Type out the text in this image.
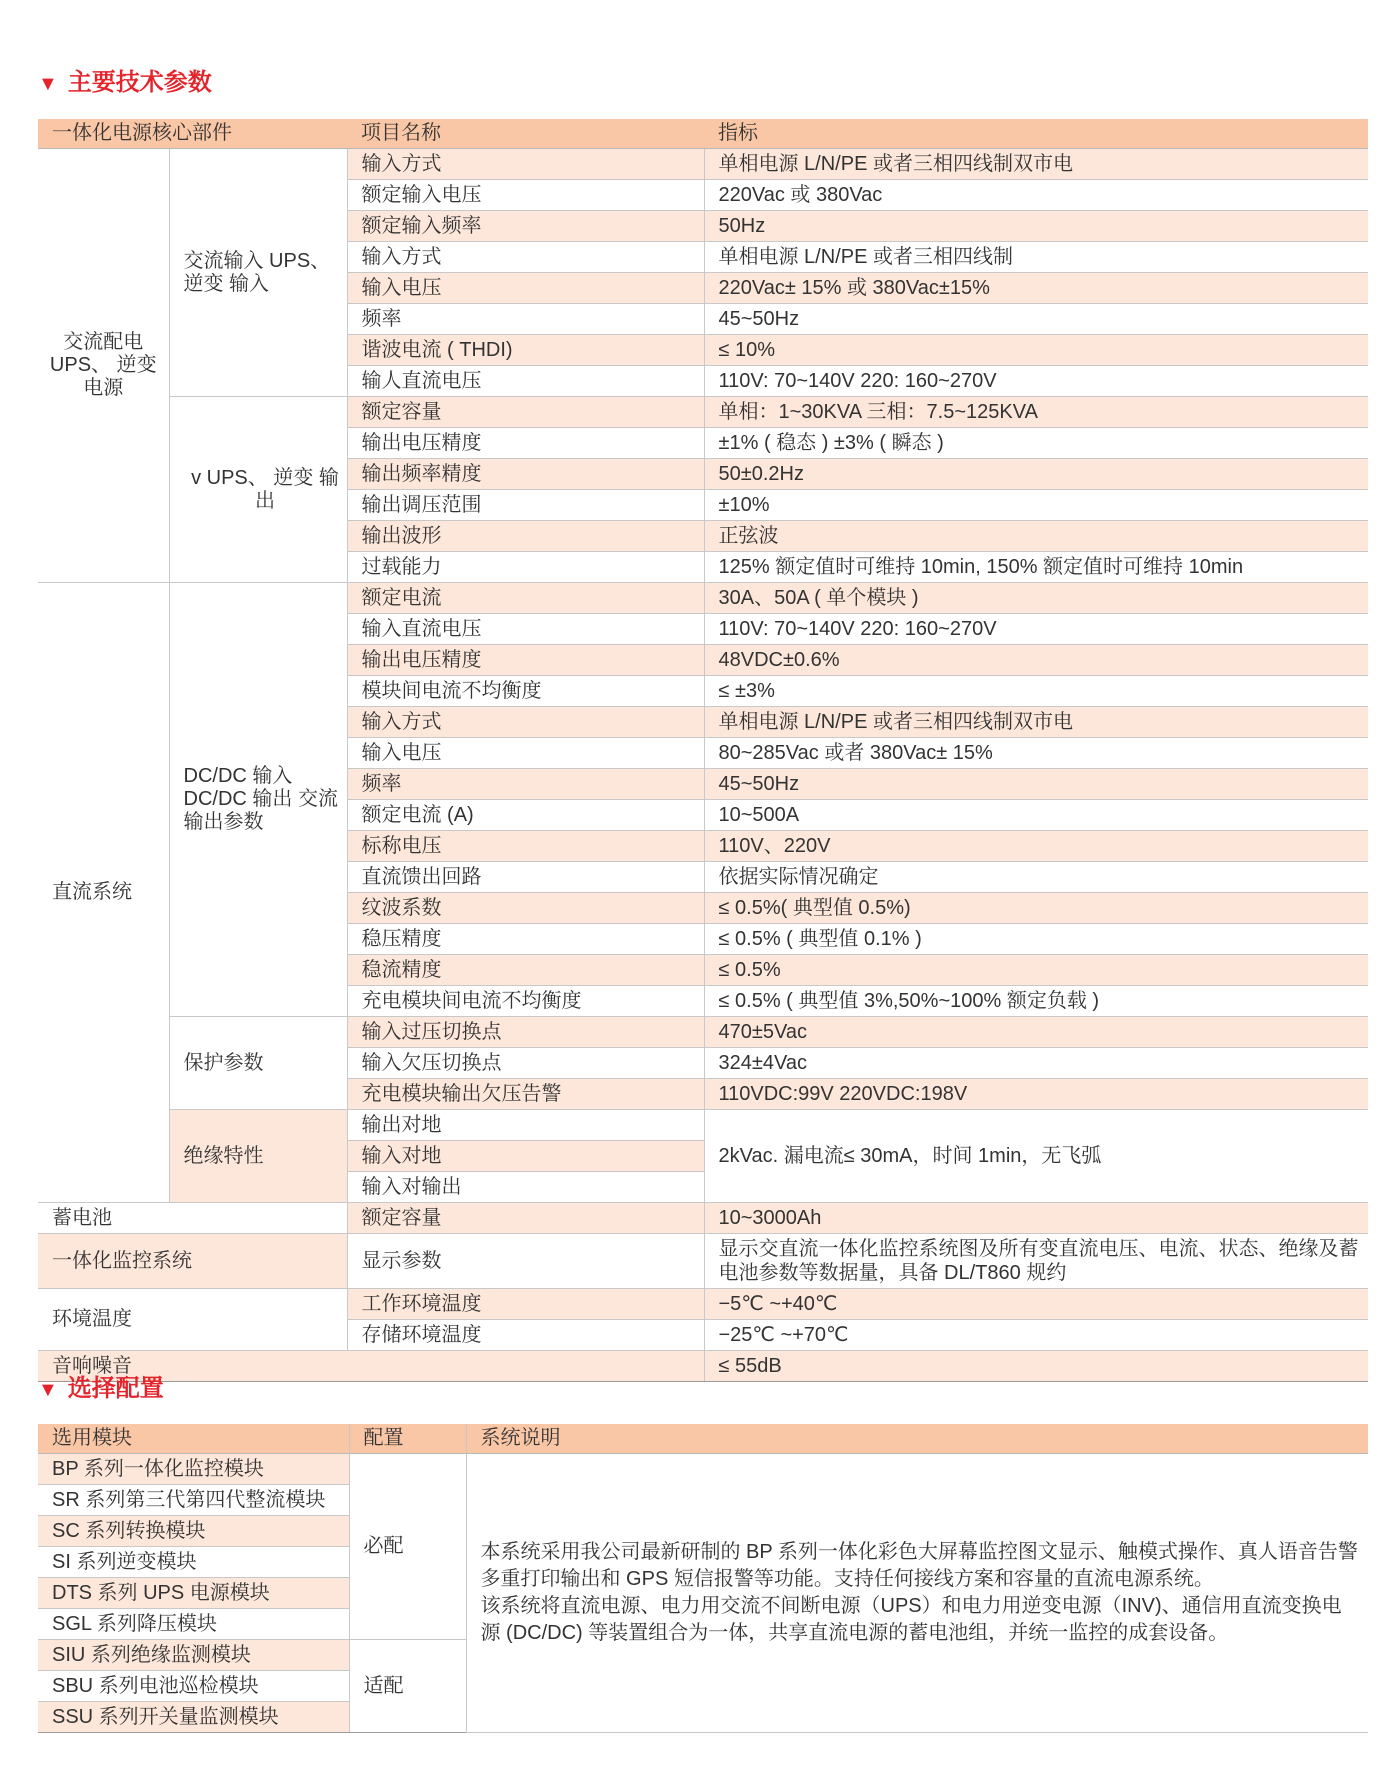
▼ 主要技术参数
一体化电源核心部件		项目名称	指标
交流配电 UPS、 逆变电源	交流输入 UPS、逆变 输入	输入方式	单相电源 L/N/PE 或者三相四线制双市电
		额定输入电压	220Vac 或 380Vac
		额定输入频率	50Hz
		输入方式	单相电源 L/N/PE 或者三相四线制
		输入电压	220Vac± 15% 或 380Vac±15%
		频率	45~50Hz
		谐波电流 ( THDI)	≤ 10%
		输人直流电压	110V: 70~140V 220: 160~270V
	v UPS、 逆变 输出	额定容量	单相：1~30KVA 三相：7.5~125KVA
		输出电压精度	±1% ( 稳态 ) ±3% ( 瞬态 )
		输出频率精度	50±0.2Hz
		输出调压范围	±10%
		输出波形	正弦波
		过载能力	125% 额定值时可维持 10min, 150% 额定值时可维持 10min
直流系统	DC/DC 输入 DC/DC 输出 交流 输出参数	额定电流	30A、50A ( 单个模块 )
		输入直流电压	110V: 70~140V 220: 160~270V
		输出电压精度	48VDC±0.6%
		模块间电流不均衡度	≤ ±3%
		输入方式	单相电源 L/N/PE 或者三相四线制双市电
		输入电压	80~285Vac 或者 380Vac± 15%
		频率	45~50Hz
		额定电流 (A)	10~500A
		标称电压	110V、220V
		直流馈出回路	依据实际情况确定
		纹波系数	≤ 0.5%( 典型值 0.5%)
		稳压精度	≤ 0.5% ( 典型值 0.1% )
		稳流精度	≤ 0.5%
		充电模块间电流不均衡度	≤ 0.5% ( 典型值 3%,50%~100% 额定负载 )
	保护参数	输入过压切换点	470±5Vac
		输入欠压切换点	324±4Vac
		充电模块输出欠压告警	110VDC:99V 220VDC:198V
	绝缘特性	输出对地	2kVac. 漏电流≤ 30mA，时间 1min，无飞弧
		输入对地	
		输入对输出	
蓄电池		额定容量	10~3000Ah
一体化监控系统		显示参数	显示交直流一体化监控系统图及所有变直流电压、电流、状态、绝缘及蓄电池参数等数据量，具备 DL/T860 规约
环境温度		工作环境温度	−5℃ ~+40℃
		存储环境温度	−25℃ ~+70℃
音响噪音			≤ 55dB
▼ 选择配置
选用模块	配置	系统说明
BP 系列一体化监控模块	必配	本系统采用我公司最新研制的 BP 系列一体化彩色大屏幕监控图文显示、触模式操作、真人语音告警多重打印输出和 GPS 短信报警等功能。支持任何接线方案和容量的直流电源系统。
该系统将直流电源、电力用交流不间断电源（UPS）和电力用逆变电源（INV)、通信用直流变换电源 (DC/DC) 等装置组合为一体，共享直流电源的蓄电池组，并统一监控的成套设备。
SR 系列第三代第四代整流模块		
SC 系列转换模块		
SI 系列逆变模块		
DTS 系列 UPS 电源模块		
SGL 系列降压模块		
SIU 系列绝缘监测模块	适配	
SBU 系列电池巡检模块		
SSU 系列开关量监测模块		
